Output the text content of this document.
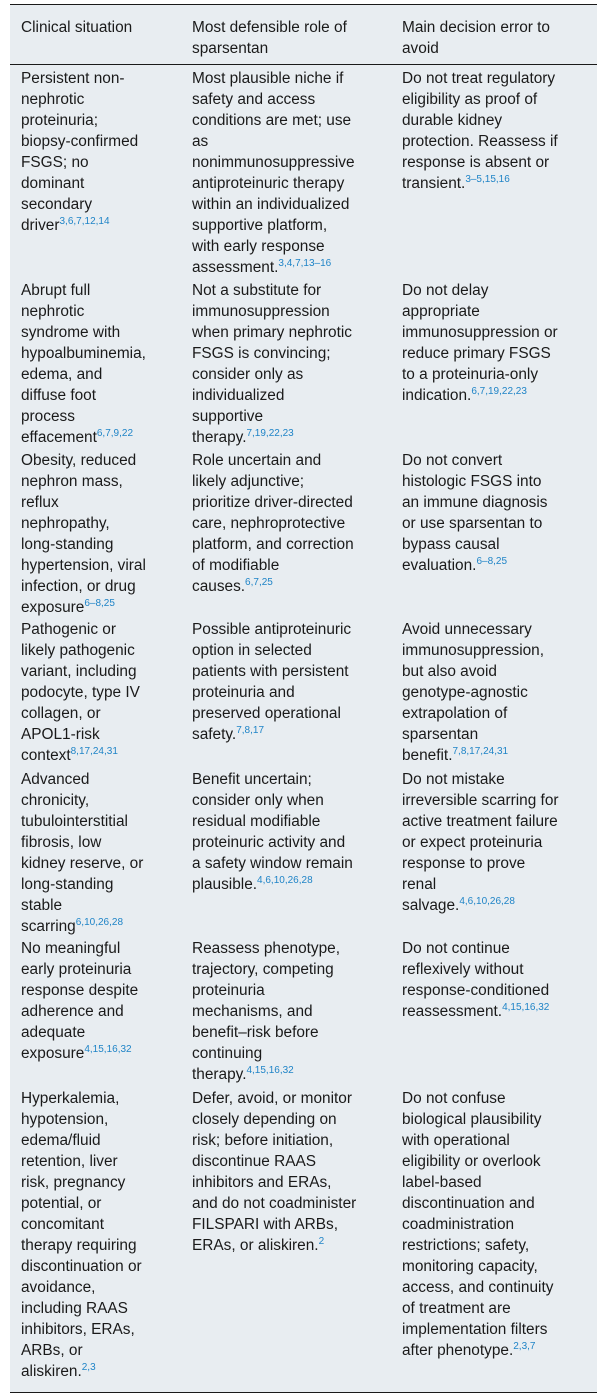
Clinical situation	Most defensible role of
sparsentan

Main decision error to
avoid

Persistent non-
nephrotic
proteinuria;
biopsy-confirmed
FSGS; no
dominant
secondary
driver$^{3,6,7,12,14}$

Most plausible niche if
safety and access
conditions are met; use
as
nonimmunosuppressive
antiproteinuric therapy
within an individualized
supportive platform,
with early response
assessment.$^{3,4,7,13-16}$

Do not treat regulatory
eligibility as proof of
durable kidney
protection. Reassess if
response is absent or
transient.$^{3-5,15,16}$

Abrupt full
nephrotic
syndrome with
hypoalbuminemia,
edema, and
diffuse foot
process
effacement$^{6,7,9,22}$

Not a substitute for
immunosuppression
when primary nephrotic
FSGS is convincing;
consider only as
individualized
supportive
therapy.$^{7,19,22,23}$

Do not delay
appropriate
immunosuppression or
reduce primary FSGS
to a proteinuria-only
indication.$^{6,7,19,22,23}$

Obesity, reduced
nephron mass,
reflux
nephropathy,
long-standing
hypertension, viral
infection, or drug
exposure$^{6-8,25}$

Role uncertain and
likely adjunctive;
prioritize driver-directed
care, nephroprotective
platform, and correction
of modifiable
causes.$^{6,7,25}$

Do not convert
histologic FSGS into
an immune diagnosis
or use sparsentan to
bypass causal
evaluation.$^{6-8,25}$

Pathogenic or
likely pathogenic
variant, including
podocyte, type IV
collagen, or
APOL1-risk
context$^{8,17,24,31}$

Possible antiproteinuric
option in selected
patients with persistent
proteinuria and
preserved operational
safety.$^{7,8,17}$

Avoid unnecessary
immunosuppression,
but also avoid
genotype-agnostic
extrapolation of
sparsentan
benefit.$^{7,8,17,24,31}$

Advanced
chronicity,
tubulointerstitial
fibrosis, low
kidney reserve, or
long-standing
stable
scarring$^{6,10,26,28}$

Benefit uncertain;
consider only when
residual modifiable
proteinuric activity and
a safety window remain
plausible.$^{4,6,10,26,28}$

Do not mistake
irreversible scarring for
active treatment failure
or expect proteinuria
response to prove
renal
salvage.$^{4,6,10,26,28}$

No meaningful
early proteinuria
response despite
adherence and
adequate
exposure$^{4,15,16,32}$

Reassess phenotype,
trajectory, competing
proteinuria
mechanisms, and
benefit–risk before
continuing
therapy.$^{4,15,16,32}$

Do not continue
reflexively without
response-conditioned
reassessment.$^{4,15,16,32}$

Hyperkalemia,
hypotension,
edema/fluid
retention, liver
risk, pregnancy
potential, or
concomitant
therapy requiring
discontinuation or
avoidance,
including RAAS
inhibitors, ERAs,
ARBs, or
aliskiren.$^{2,3}$

Defer, avoid, or monitor
closely depending on
risk; before initiation,
discontinue RAAS
inhibitors and ERAs,
and do not coadminister
FILSPARI with ARBs,
ERAs, or aliskiren.$^2$

Do not confuse
biological plausibility
with operational
eligibility or overlook
label-based
discontinuation and
coadministration
restrictions; safety,
monitoring capacity,
access, and continuity
of treatment are
implementation filters
after phenotype.$^{2,3,7}$
